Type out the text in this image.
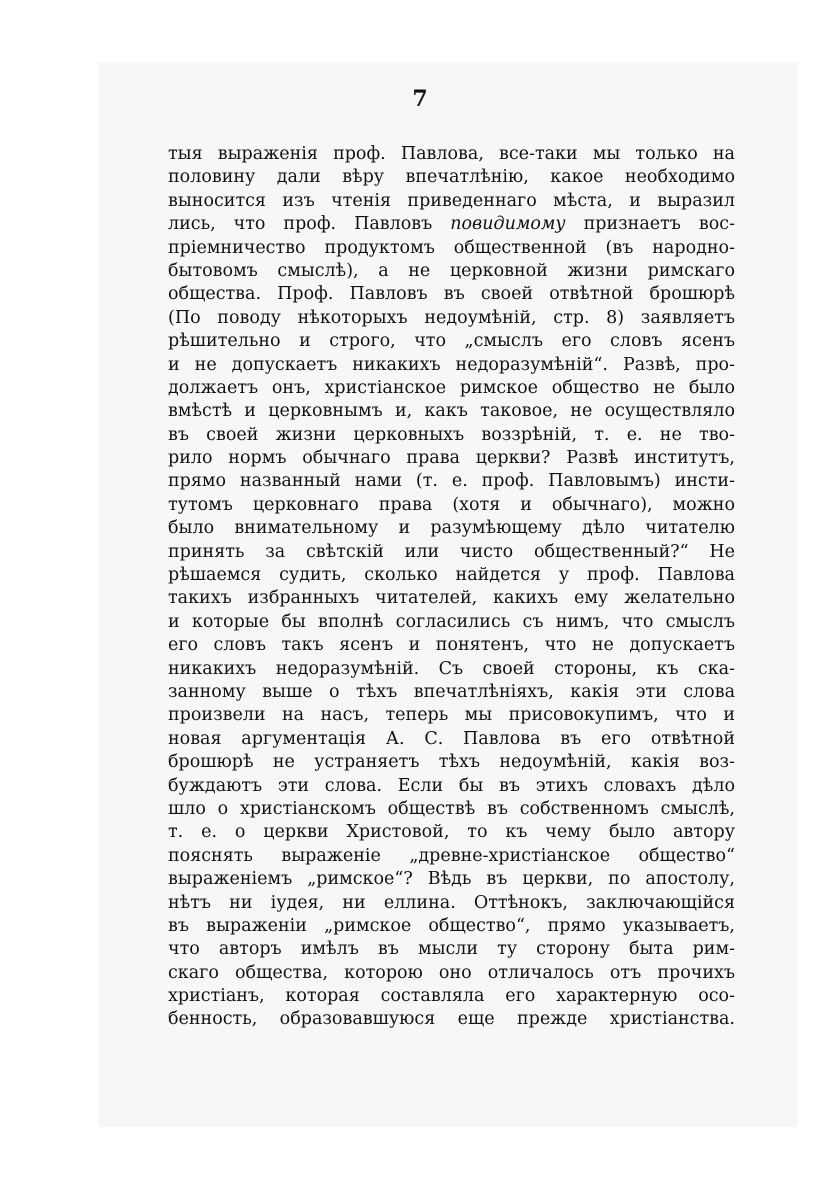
7

тыя выраженія проф. Павлова, все-таки мы только на
половину дали вѣру впечатлѣнію, какое необходимо
выносится изъ чтенія приведеннаго мѣста, и выразил
лись, что проф. Павловъ повидимому признаетъ вос-
пріемничество продуктомъ общественной (въ народно-
бытовомъ смыслѣ), а не церковной жизни римскаго
общества. Проф. Павловъ въ своей отвѣтной брошюрѣ
(По поводу нѣкоторыхъ недоумѣній, стр. 8) заявляетъ
рѣшительно и строго, что „смыслъ его словъ ясенъ
и не допускаетъ никакихъ недоразумѣній“. Развѣ, про-
должаетъ онъ, христіанское римское общество не было
вмѣстѣ и церковнымъ и, какъ таковое, не осуществляло
въ своей жизни церковныхъ воззрѣній, т. е. не тво-
рило нормъ обычнаго права церкви? Развѣ институтъ,
прямо названный нами (т. е. проф. Павловымъ) инсти-
тутомъ церковнаго права (хотя и обычнаго), можно
было внимательному и разумѣющему дѣло читателю
принять за свѣтскій или чисто общественный?“ Не
рѣшаемся судить, сколько найдется у проф. Павлова
такихъ избранныхъ читателей, какихъ ему желательно
и которые бы вполнѣ согласились съ нимъ, что смыслъ
его словъ такъ ясенъ и понятенъ, что не допускаетъ
никакихъ недоразумѣній. Съ своей стороны, къ ска-
занному выше о тѣхъ впечатлѣніяхъ, какія эти слова
произвели на насъ, теперь мы присовокупимъ, что и
новая аргументація А. С. Павлова въ его отвѣтной
брошюрѣ не устраняетъ тѣхъ недоумѣній, какія воз-
буждаютъ эти слова. Если бы въ этихъ словахъ дѣло
шло о христіанскомъ обществѣ въ собственномъ смыслѣ,
т. е. о церкви Христовой, то къ чему было автору
пояснять выраженіе „древне-христіанское общество“
выраженіемъ „римское“? Вѣдь въ церкви, по апостолу,
нѣтъ ни іудея, ни еллина. Оттѣнокъ, заключающійся
въ выраженіи „римское общество“, прямо указываетъ,
что авторъ имѣлъ въ мысли ту сторону быта рим-
скаго общества, которою оно отличалось отъ прочихъ
христіанъ, которая составляла его характерную осо-
бенность, образовавшуюся еще прежде христіанства.
